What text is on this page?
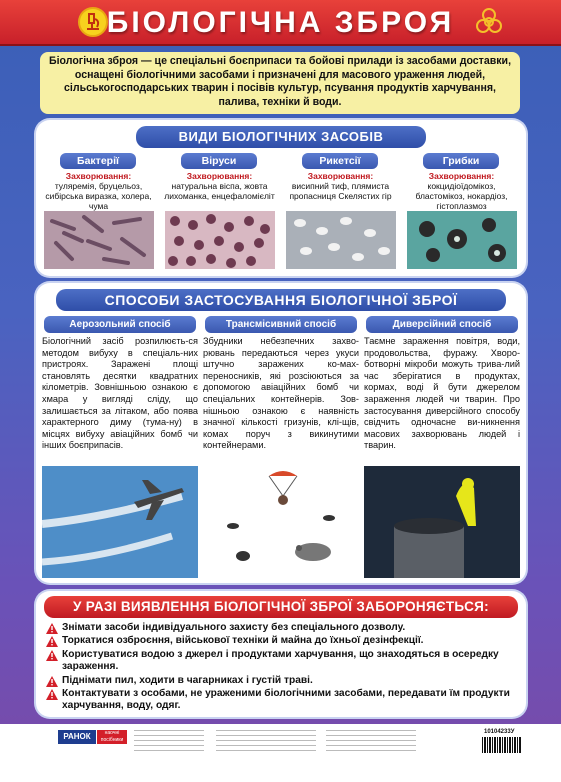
БІОЛОГІЧНА ЗБРОЯ
Біологічна зброя — це спеціальні боєприпаси та бойові прилади із засобами доставки, оснащені біологічними засобами і призначені для масового ураження людей, сільськогосподарських тварин і посівів культур, псування продуктів харчування, палива, техніки й води.
ВИДИ БІОЛОГІЧНИХ ЗАСОБІВ
Бактерії
Захворювання:
туляремія, бруцельоз, сибірська виразка, холера, чума
Віруси
Захворювання:
натуральна віспа, жовта лихоманка, енцефаломієліт
Рикетсії
Захворювання:
висипний тиф, плямиста пропасниця Скелястих гір
Грибки
Захворювання:
кокцидіоїдомікоз, бластомікоз, нокардіоз, гістоплазмоз
СПОСОБИ ЗАСТОСУВАННЯ БІОЛОГІЧНОЇ ЗБРОЇ
Аерозольний спосіб
Біологічний засіб розпилюєть-ся методом вибуху в спеціаль-них пристроях. Заражені площі становлять десятки квадратних кілометрів. Зовнішньою ознакою є хмара у вигляді сліду, що залишається за літаком, або поява характерного диму (тума-ну) в місцях вибуху авіаційних бомб чи інших боєприпасів.
Трансмісивний спосіб
Збудники небезпечних захво-рювань передаються через укуси штучно заражених ко-мах-переносників, які розсіюються за допомогою авіаційних бомб чи спеціальних контейнерів. Зов-нішньою ознакою є наявність значної кількості гризунів, клі-щів, комах поруч з викинутими контейнерами.
Диверсійний спосіб
Таємне зараження повітря, води, продовольства, фуражу. Хворо-ботворні мікроби можуть трива-лий час зберігатися в продуктах, кормах, воді й бути джерелом зараження людей чи тварин. Про застосування диверсійного способу свідчить одночасне ви-никнення масових захворювань людей і тварин.
У РАЗІ ВИЯВЛЕННЯ БІОЛОГІЧНОЇ ЗБРОЇ ЗАБОРОНЯЄТЬСЯ:
Знімати засоби індивідуального захисту без спеціального дозволу.
Торкатися озброєння, військової техніки й майна до їхньої дезінфекції.
Користуватися водою з джерел і продуктами харчування, що знаходяться в осередку зараження.
Піднімати пил, ходити в чагарниках і густій траві.
Контактувати з особами, не ураженими біологічними засобами, передавати їм продукти харчування, воду, одяг.
РАНОК	наочні посібники
10104233У
